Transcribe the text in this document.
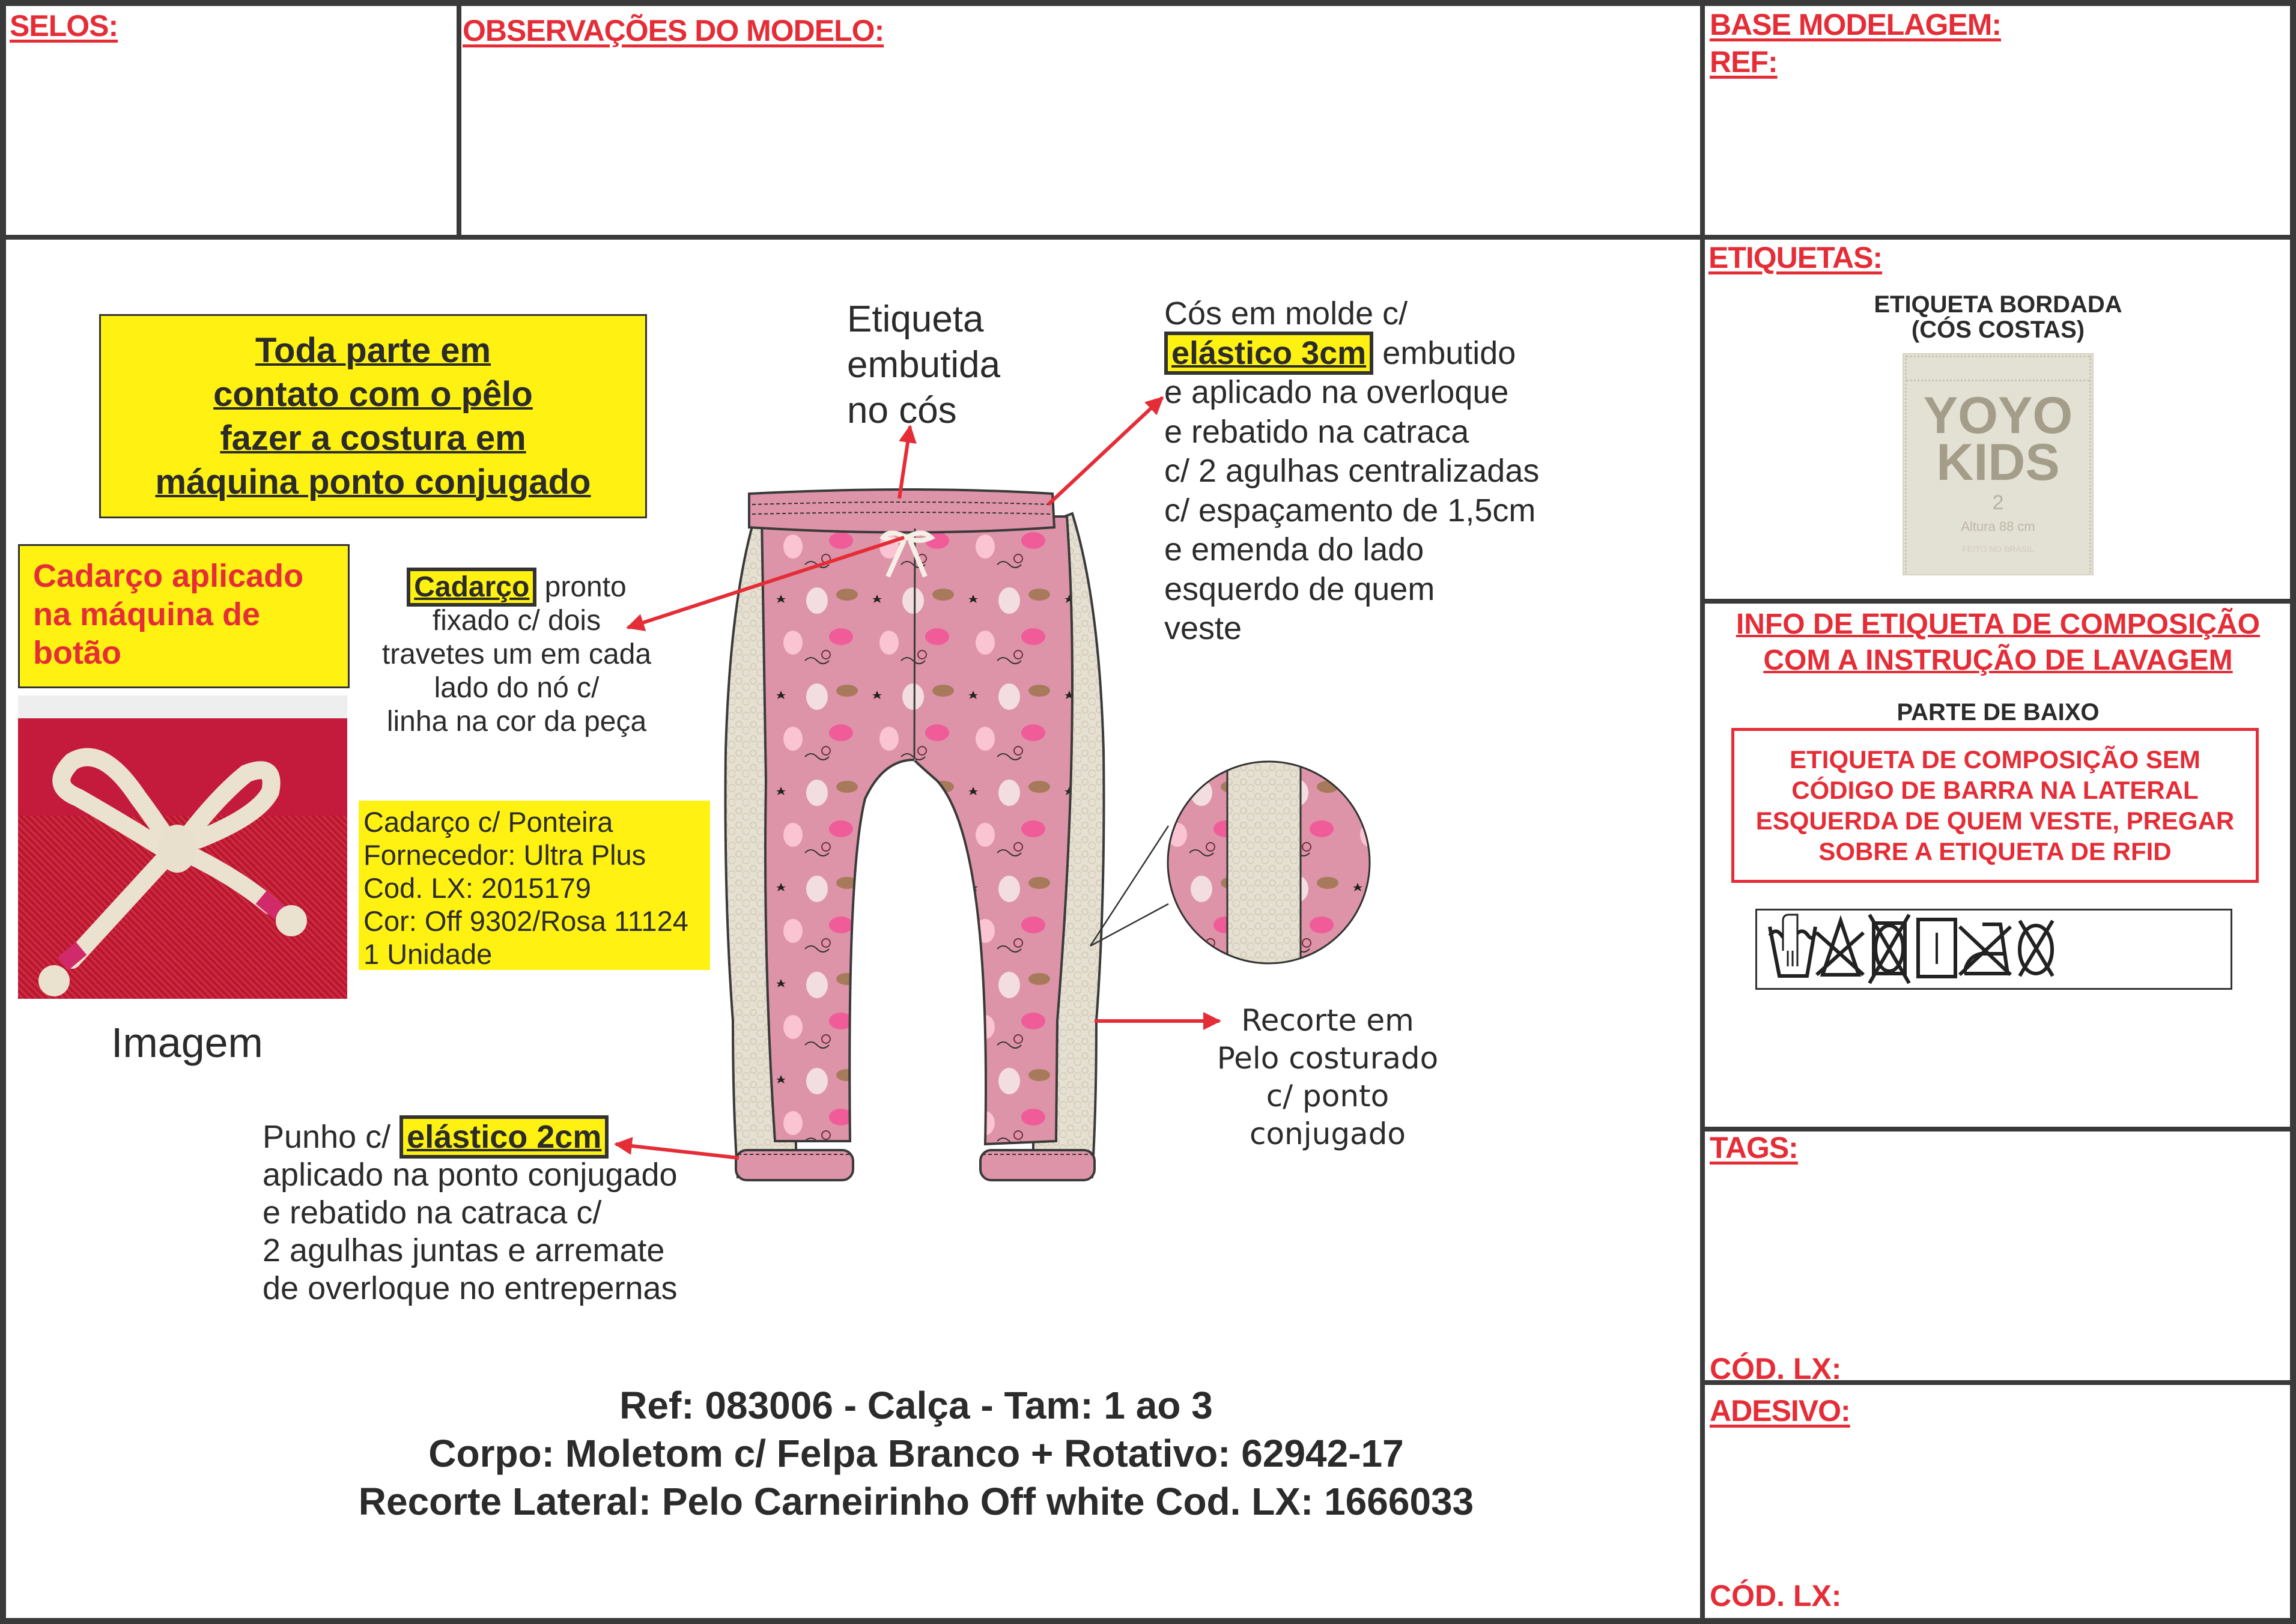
SELOS:	OBSERVAÇÕES DO MODELO:	BASE MODELAGEM:
REF:
ETIQUETAS:
ETIQUETA BORDADA
(CÓS COSTAS)
YOYO
KIDS
2
Altura 88 cm
FEITO NO BRASIL
INFO DE ETIQUETA DE COMPOSIÇÃO
COM A INSTRUÇÃO DE LAVAGEM
PARTE DE BAIXO
ETIQUETA DE COMPOSIÇÃO SEM
CÓDIGO DE BARRA NA LATERAL
ESQUERDA DE QUEM VESTE, PREGAR
SOBRE A ETIQUETA DE RFID
TAGS:
CÓD. LX:
ADESIVO:
CÓD. LX:
Toda parte em
contato com o pêlo
fazer a costura em
máquina ponto conjugado
Cadarço aplicado
na máquina de
botão
Imagem
Cadarço pronto
fixado c/ dois
travetes um em cada
lado do nó c/
linha na cor da peça
Cadarço c/ Ponteira
Fornecedor: Ultra Plus
Cod. LX: 2015179
Cor: Off 9302/Rosa 11124
1 Unidade
Etiqueta
embutida
no cós
Cós em molde c/
elástico 3cm embutido
e aplicado na overloque
e rebatido na catraca
c/ 2 agulhas centralizadas
c/ espaçamento de 1,5cm
e emenda do lado
esquerdo de quem
veste
Recorte em
Pelo costurado
c/ ponto
conjugado
Punho c/ elástico 2cm
aplicado na ponto conjugado
e rebatido na catraca c/
2 agulhas juntas e arremate
de overloque no entrepernas
Ref: 083006 - Calça - Tam: 1 ao 3
Corpo: Moletom c/ Felpa Branco + Rotativo: 62942-17
Recorte Lateral: Pelo Carneirinho Off white Cod. LX: 1666033
